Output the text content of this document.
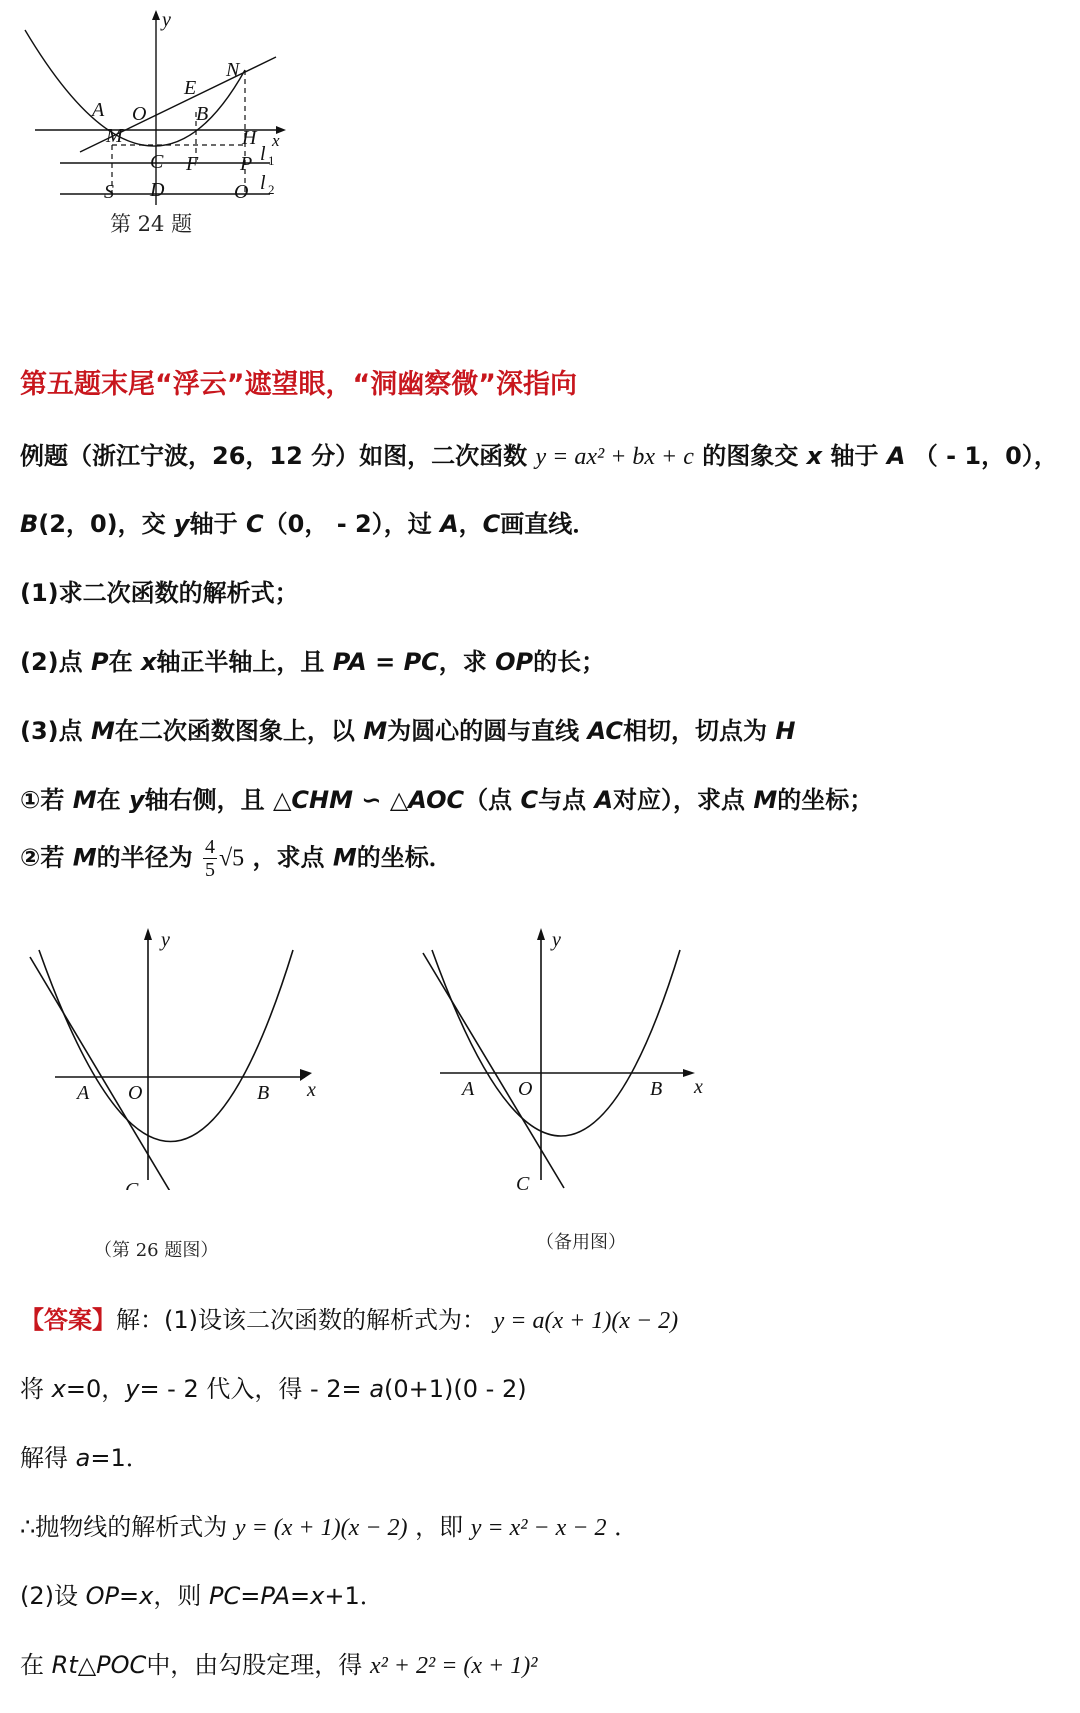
y
x
A O
M
E
B
N
H
C F P
S D	O
l 1
l 2
第 24 题
第五题末尾“浮云”遮望眼，“洞幽察微”深指向
例题（浙江宁波，26，12 分）如图，二次函数 y = ax² + bx + c 的图象交 x 轴于 A （ - 1，0），
B(2，0)，交 y轴于 C（0， - 2），过 A，C画直线．
(1)求二次函数的解析式；
(2)点 P在 x轴正半轴上，且 PA = PC，求 OP的长；
(3)点 M在二次函数图象上，以 M为圆心的圆与直线 AC相切，切点为 H
①若 M在 y轴右侧，且 △CHM ∽ △AOC（点 C与点 A对应），求点 M的坐标；
②若 M的半径为 $\frac{4}{5} √5$ ，求点 M的坐标．
y
x
A O	B
C
（第 26 题图）
y
x
A O	B
C
（备用图）
【答案】解：(1)设该二次函数的解析式为： y = a(x + 1)(x − 2)
将 x=0，y= - 2 代入，得 - 2= a(0+1)(0 - 2)
解得 a=1．
∴抛物线的解析式为 y = (x + 1)(x − 2) ，即 y = x² − x − 2 ．
(2)设 OP=x，则 PC=PA=x+1．
在 Rt△POC中，由勾股定理，得 x² + 2² = (x + 1)²
